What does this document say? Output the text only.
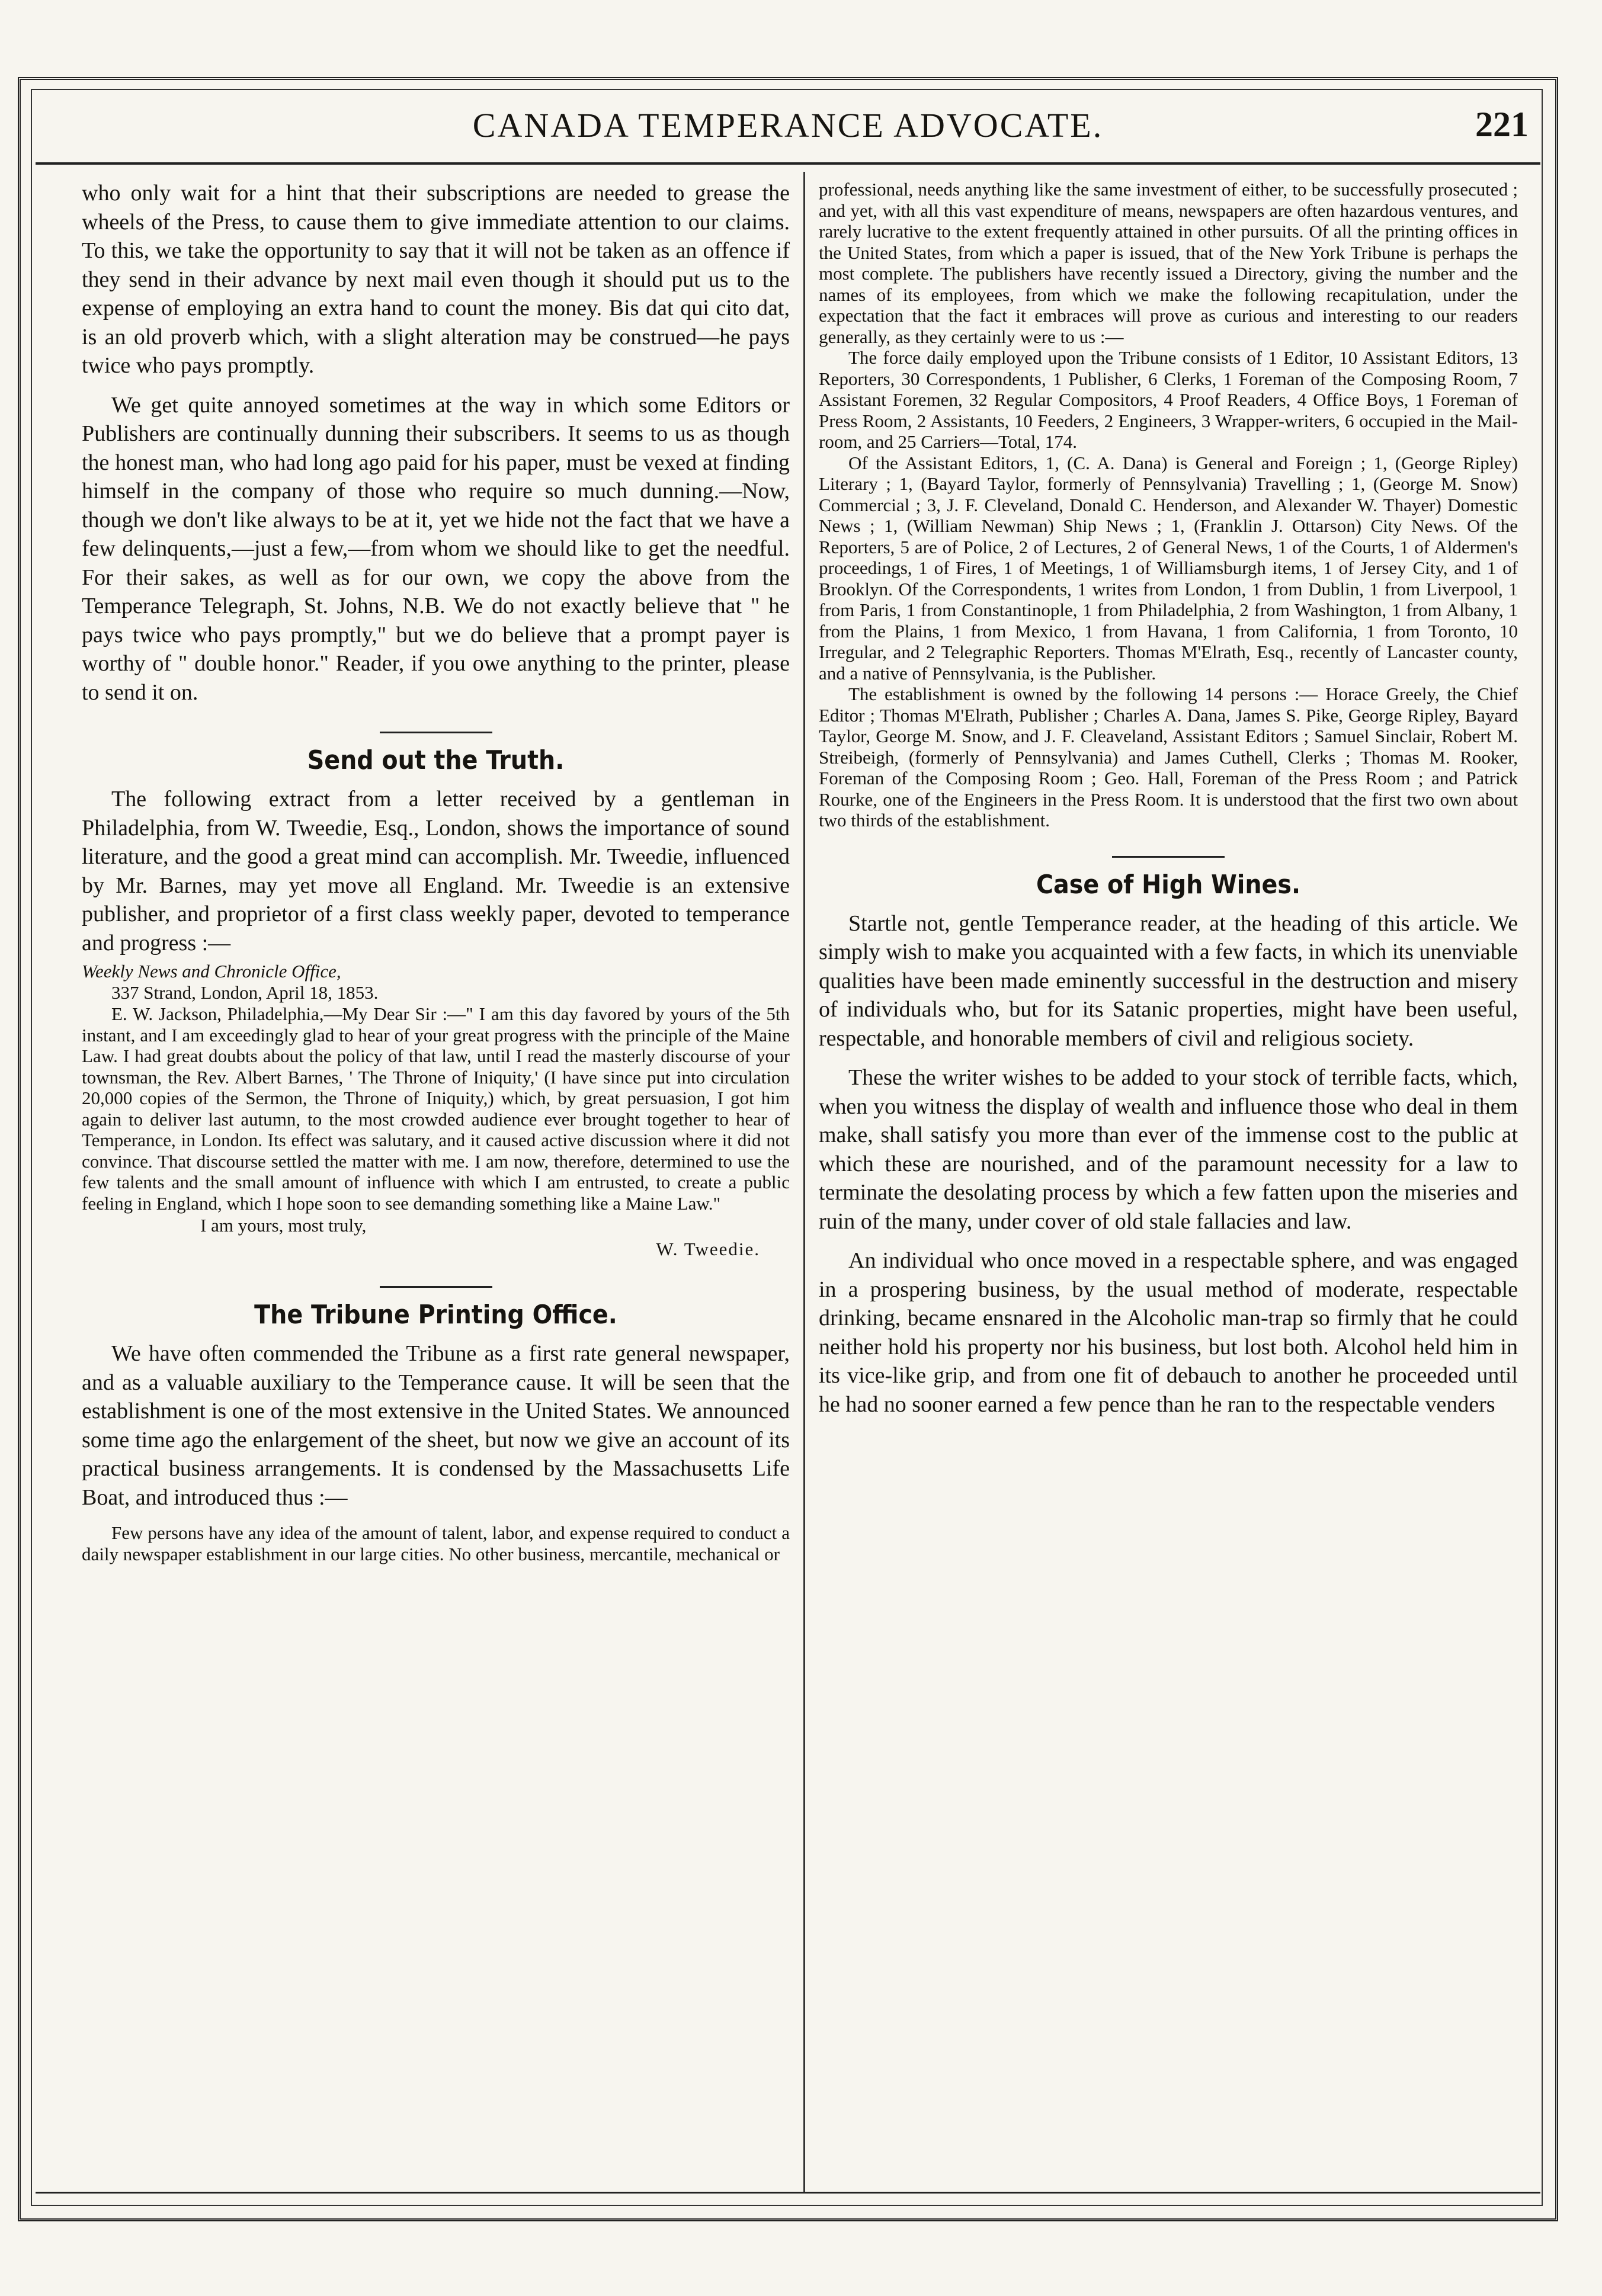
CANADA TEMPERANCE ADVOCATE.	221

who only wait for a hint that their subscriptions are needed to grease the wheels of the Press, to cause them to give immediate attention to our claims. To this, we take the opportunity to say that it will not be taken as an offence if they send in their advance by next mail even though it should put us to the expense of employing an extra hand to count the money. Bis dat qui cito dat, is an old proverb which, with a slight alteration may be construed—he pays twice who pays promptly.

We get quite annoyed sometimes at the way in which some Editors or Publishers are continually dunning their subscribers. It seems to us as though the honest man, who had long ago paid for his paper, must be vexed at finding himself in the company of those who require so much dunning.—Now, though we don't like always to be at it, yet we hide not the fact that we have a few delinquents,—just a few,—from whom we should like to get the needful. For their sakes, as well as for our own, we copy the above from the Temperance Telegraph, St. Johns, N.B. We do not exactly believe that " he pays twice who pays promptly," but we do believe that a prompt payer is worthy of " double honor." Reader, if you owe anything to the printer, please to send it on.

Send out the Truth.

The following extract from a letter received by a gentleman in Philadelphia, from W. Tweedie, Esq., London, shows the importance of sound literature, and the good a great mind can accomplish. Mr. Tweedie, influenced by Mr. Barnes, may yet move all England. Mr. Tweedie is an extensive publisher, and proprietor of a first class weekly paper, devoted to temperance and progress :—

Weekly News and Chronicle Office,
337 Strand, London, April 18, 1853.

E. W. Jackson, Philadelphia,—My Dear Sir :—" I am this day favored by yours of the 5th instant, and I am exceedingly glad to hear of your great progress with the principle of the Maine Law. I had great doubts about the policy of that law, until I read the masterly discourse of your townsman, the Rev. Albert Barnes, ' The Throne of Iniquity,' (I have since put into circulation 20,000 copies of the Sermon, the Throne of Iniquity,) which, by great persuasion, I got him again to deliver last autumn, to the most crowded audience ever brought together to hear of Temperance, in London. Its effect was salutary, and it caused active discussion where it did not convince. That discourse settled the matter with me. I am now, therefore, determined to use the few talents and the small amount of influence with which I am entrusted, to create a public feeling in England, which I hope soon to see demanding something like a Maine Law."

I am yours, most truly,
W. Tweedie.
The Tribune Printing Office.

We have often commended the Tribune as a first rate general newspaper, and as a valuable auxiliary to the Temperance cause. It will be seen that the establishment is one of the most extensive in the United States. We announced some time ago the enlargement of the sheet, but now we give an account of its practical business arrangements. It is condensed by the Massachusetts Life Boat, and introduced thus :—

Few persons have any idea of the amount of talent, labor, and expense required to conduct a daily newspaper establishment in our large cities. No other business, mercantile, mechanical or

professional, needs anything like the same investment of either, to be successfully prosecuted ; and yet, with all this vast expenditure of means, newspapers are often hazardous ventures, and rarely lucrative to the extent frequently attained in other pursuits. Of all the printing offices in the United States, from which a paper is issued, that of the New York Tribune is perhaps the most complete. The publishers have recently issued a Directory, giving the number and the names of its employees, from which we make the following recapitulation, under the expectation that the fact it embraces will prove as curious and interesting to our readers generally, as they certainly were to us :—

The force daily employed upon the Tribune consists of 1 Editor, 10 Assistant Editors, 13 Reporters, 30 Correspondents, 1 Publisher, 6 Clerks, 1 Foreman of the Composing Room, 7 Assistant Foremen, 32 Regular Compositors, 4 Proof Readers, 4 Office Boys, 1 Foreman of Press Room, 2 Assistants, 10 Feeders, 2 Engineers, 3 Wrapper-writers, 6 occupied in the Mail-room, and 25 Carriers—Total, 174.

Of the Assistant Editors, 1, (C. A. Dana) is General and Foreign ; 1, (George Ripley) Literary ; 1, (Bayard Taylor, formerly of Pennsylvania) Travelling ; 1, (George M. Snow) Commercial ; 3, J. F. Cleveland, Donald C. Henderson, and Alexander W. Thayer) Domestic News ; 1, (William Newman) Ship News ; 1, (Franklin J. Ottarson) City News. Of the Reporters, 5 are of Police, 2 of Lectures, 2 of General News, 1 of the Courts, 1 of Aldermen's proceedings, 1 of Fires, 1 of Meetings, 1 of Williamsburgh items, 1 of Jersey City, and 1 of Brooklyn. Of the Correspondents, 1 writes from London, 1 from Dublin, 1 from Liverpool, 1 from Paris, 1 from Constantinople, 1 from Philadelphia, 2 from Washington, 1 from Albany, 1 from the Plains, 1 from Mexico, 1 from Havana, 1 from California, 1 from Toronto, 10 Irregular, and 2 Telegraphic Reporters. Thomas M'Elrath, Esq., recently of Lancaster county, and a native of Pennsylvania, is the Publisher.

The establishment is owned by the following 14 persons :— Horace Greely, the Chief Editor ; Thomas M'Elrath, Publisher ; Charles A. Dana, James S. Pike, George Ripley, Bayard Taylor, George M. Snow, and J. F. Cleaveland, Assistant Editors ; Samuel Sinclair, Robert M. Streibeigh, (formerly of Pennsylvania) and James Cuthell, Clerks ; Thomas M. Rooker, Foreman of the Composing Room ; Geo. Hall, Foreman of the Press Room ; and Patrick Rourke, one of the Engineers in the Press Room. It is understood that the first two own about two thirds of the establishment.

Case of High Wines.

Startle not, gentle Temperance reader, at the heading of this article. We simply wish to make you acquainted with a few facts, in which its unenviable qualities have been made eminently successful in the destruction and misery of individuals who, but for its Satanic properties, might have been useful, respectable, and honorable members of civil and religious society.

These the writer wishes to be added to your stock of terrible facts, which, when you witness the display of wealth and influence those who deal in them make, shall satisfy you more than ever of the immense cost to the public at which these are nourished, and of the paramount necessity for a law to terminate the desolating process by which a few fatten upon the miseries and ruin of the many, under cover of old stale fallacies and law.

An individual who once moved in a respectable sphere, and was engaged in a prospering business, by the usual method of moderate, respectable drinking, became ensnared in the Alcoholic man-trap so firmly that he could neither hold his property nor his business, but lost both. Alcohol held him in its vice-like grip, and from one fit of debauch to another he proceeded until he had no sooner earned a few pence than he ran to the respectable venders
